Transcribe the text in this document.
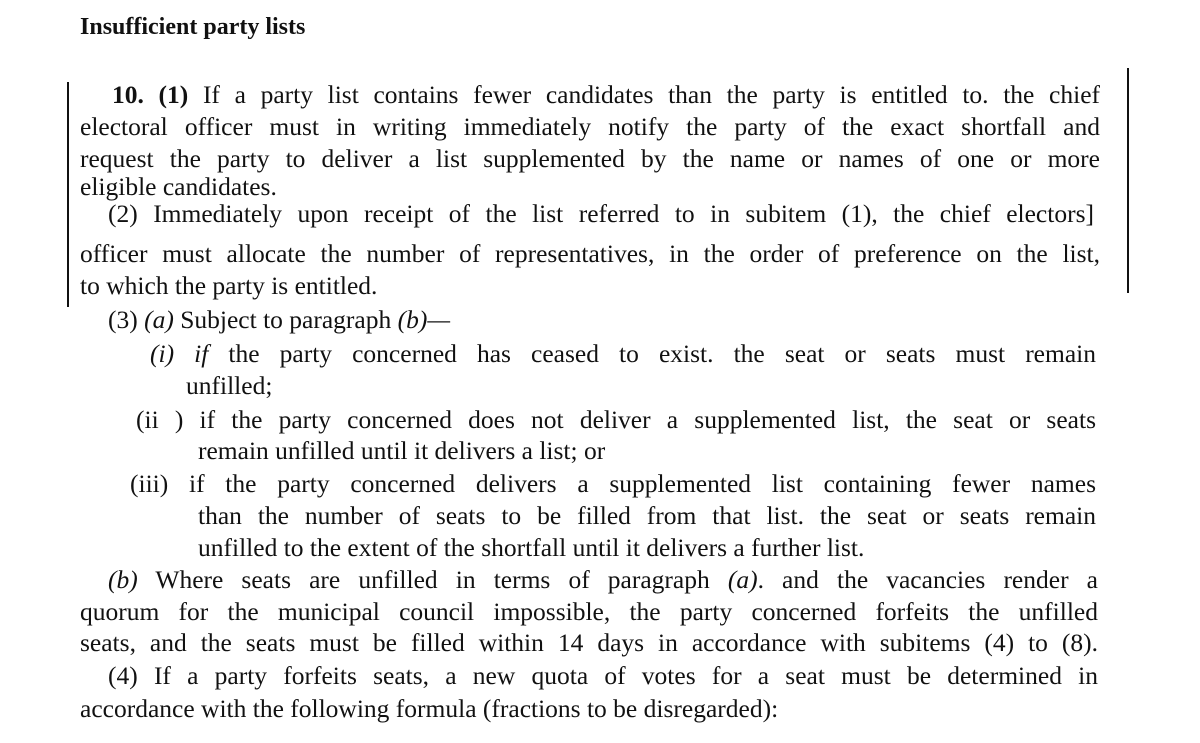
Insufficient party lists
10. (1) If a party list contains fewer candidates than the party is entitled to. the chief
electoral officer must in writing immediately notify the party of the exact shortfall and
request the party to deliver a list supplemented by the name or names of one or more
eligible candidates.
(2) Immediately upon receipt of the list referred to in subitem (1), the chief electors]
officer must allocate the number of representatives, in the order of preference on the list,
to which the party is entitled.
(3) (a) Subject to paragraph (b)—
(i) if the party concerned has ceased to exist. the seat or seats must remain
unfilled;
(ii ) if the party concerned does not deliver a supplemented list, the seat or seats
remain unfilled until it delivers a list; or
(iii) if the party concerned delivers a supplemented list containing fewer names
than the number of seats to be filled from that list. the seat or seats remain
unfilled to the extent of the shortfall until it delivers a further list.
(b) Where seats are unfilled in terms of paragraph (a). and the vacancies render a
quorum for the municipal council impossible, the party concerned forfeits the unfilled
seats, and the seats must be filled within 14 days in accordance with subitems (4) to (8).
(4) If a party forfeits seats, a new quota of votes for a seat must be determined in
accordance with the following formula (fractions to be disregarded):
